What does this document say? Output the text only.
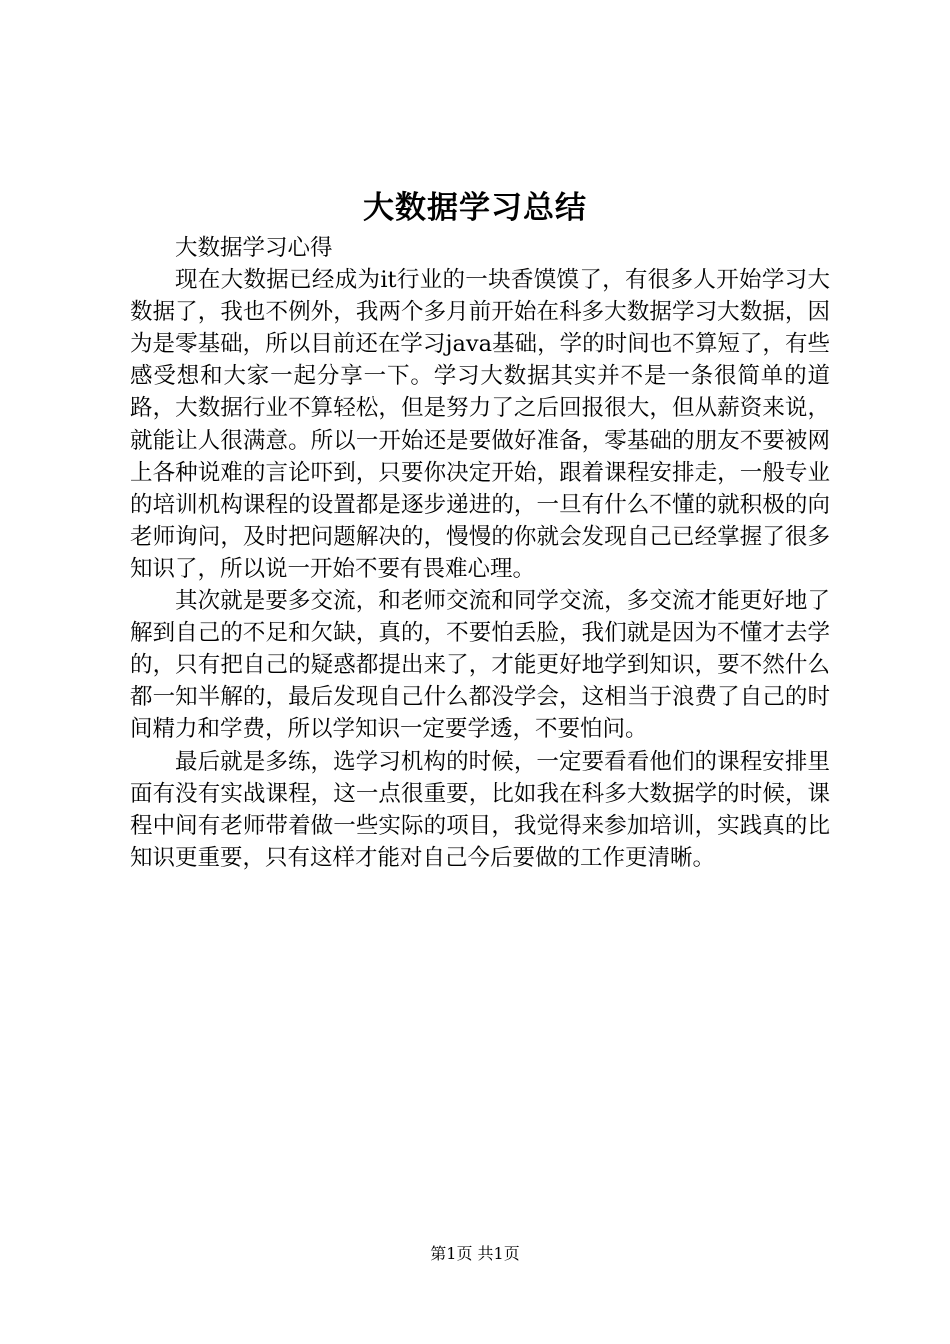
大数据学习总结

大数据学习心得

现在大数据已经成为it行业的一块香馍馍了，有很多人开始学习大数据了，我也不例外，我两个多月前开始在科多大数据学习大数据，因为是零基础，所以目前还在学习java基础，学的时间也不算短了，有些感受想和大家一起分享一下。学习大数据其实并不是一条很简单的道路，大数据行业不算轻松，但是努力了之后回报很大，但从薪资来说，就能让人很满意。所以一开始还是要做好准备，零基础的朋友不要被网上各种说难的言论吓到，只要你决定开始，跟着课程安排走，一般专业的培训机构课程的设置都是逐步递进的，一旦有什么不懂的就积极的向老师询问，及时把问题解决的，慢慢的你就会发现自己已经掌握了很多知识了，所以说一开始不要有畏难心理。

其次就是要多交流，和老师交流和同学交流，多交流才能更好地了解到自己的不足和欠缺，真的，不要怕丢脸，我们就是因为不懂才去学的，只有把自己的疑惑都提出来了，才能更好地学到知识，要不然什么都一知半解的，最后发现自己什么都没学会，这相当于浪费了自己的时间精力和学费，所以学知识一定要学透，不要怕问。

最后就是多练，选学习机构的时候，一定要看看他们的课程安排里面有没有实战课程，这一点很重要，比如我在科多大数据学的时候，课程中间有老师带着做一些实际的项目，我觉得来参加培训，实践真的比知识更重要，只有这样才能对自己今后要做的工作更清晰。

第1页 共1页
